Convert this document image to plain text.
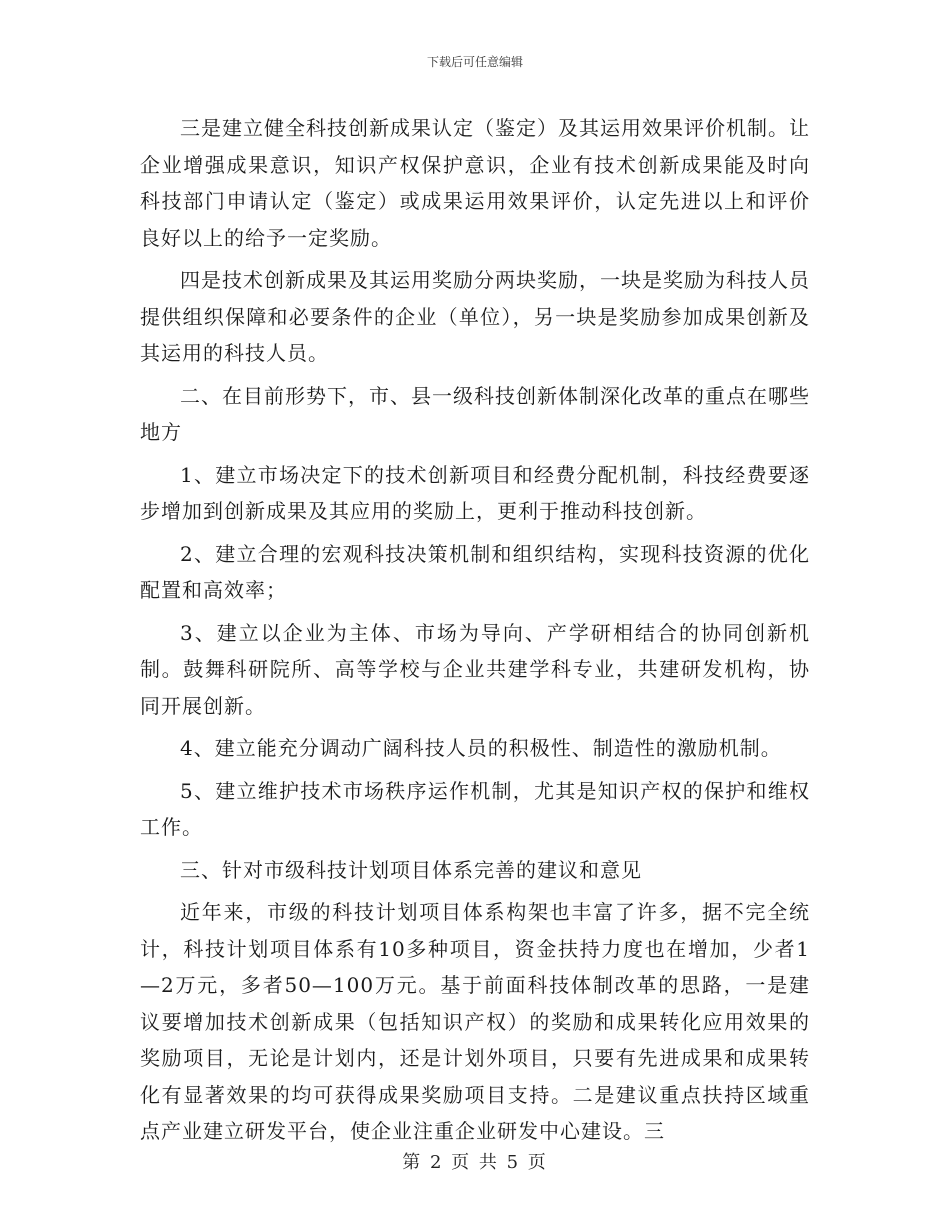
下载后可任意编辑

三是建立健全科技创新成果认定（鉴定）及其运用效果评价机制。让企业增强成果意识，知识产权保护意识，企业有技术创新成果能及时向科技部门申请认定（鉴定）或成果运用效果评价，认定先进以上和评价良好以上的给予一定奖励。

四是技术创新成果及其运用奖励分两块奖励，一块是奖励为科技人员提供组织保障和必要条件的企业（单位），另一块是奖励参加成果创新及其运用的科技人员。

二、在目前形势下，市、县一级科技创新体制深化改革的重点在哪些地方

1、建立市场决定下的技术创新项目和经费分配机制，科技经费要逐步增加到创新成果及其应用的奖励上，更利于推动科技创新。

2、建立合理的宏观科技决策机制和组织结构，实现科技资源的优化配置和高效率；

3、建立以企业为主体、市场为导向、产学研相结合的协同创新机制。鼓舞科研院所、高等学校与企业共建学科专业，共建研发机构，协同开展创新。

4、建立能充分调动广阔科技人员的积极性、制造性的激励机制。

5、建立维护技术市场秩序运作机制，尤其是知识产权的保护和维权工作。

三、针对市级科技计划项目体系完善的建议和意见

近年来，市级的科技计划项目体系构架也丰富了许多，据不完全统计，科技计划项目体系有10多种项目，资金扶持力度也在增加，少者1—2万元，多者50—100万元。基于前面科技体制改革的思路，一是建议要增加技术创新成果（包括知识产权）的奖励和成果转化应用效果的奖励项目，无论是计划内，还是计划外项目，只要有先进成果和成果转化有显著效果的均可获得成果奖励项目支持。二是建议重点扶持区域重点产业建立研发平台，使企业注重企业研发中心建设。三

第 2 页 共 5 页
